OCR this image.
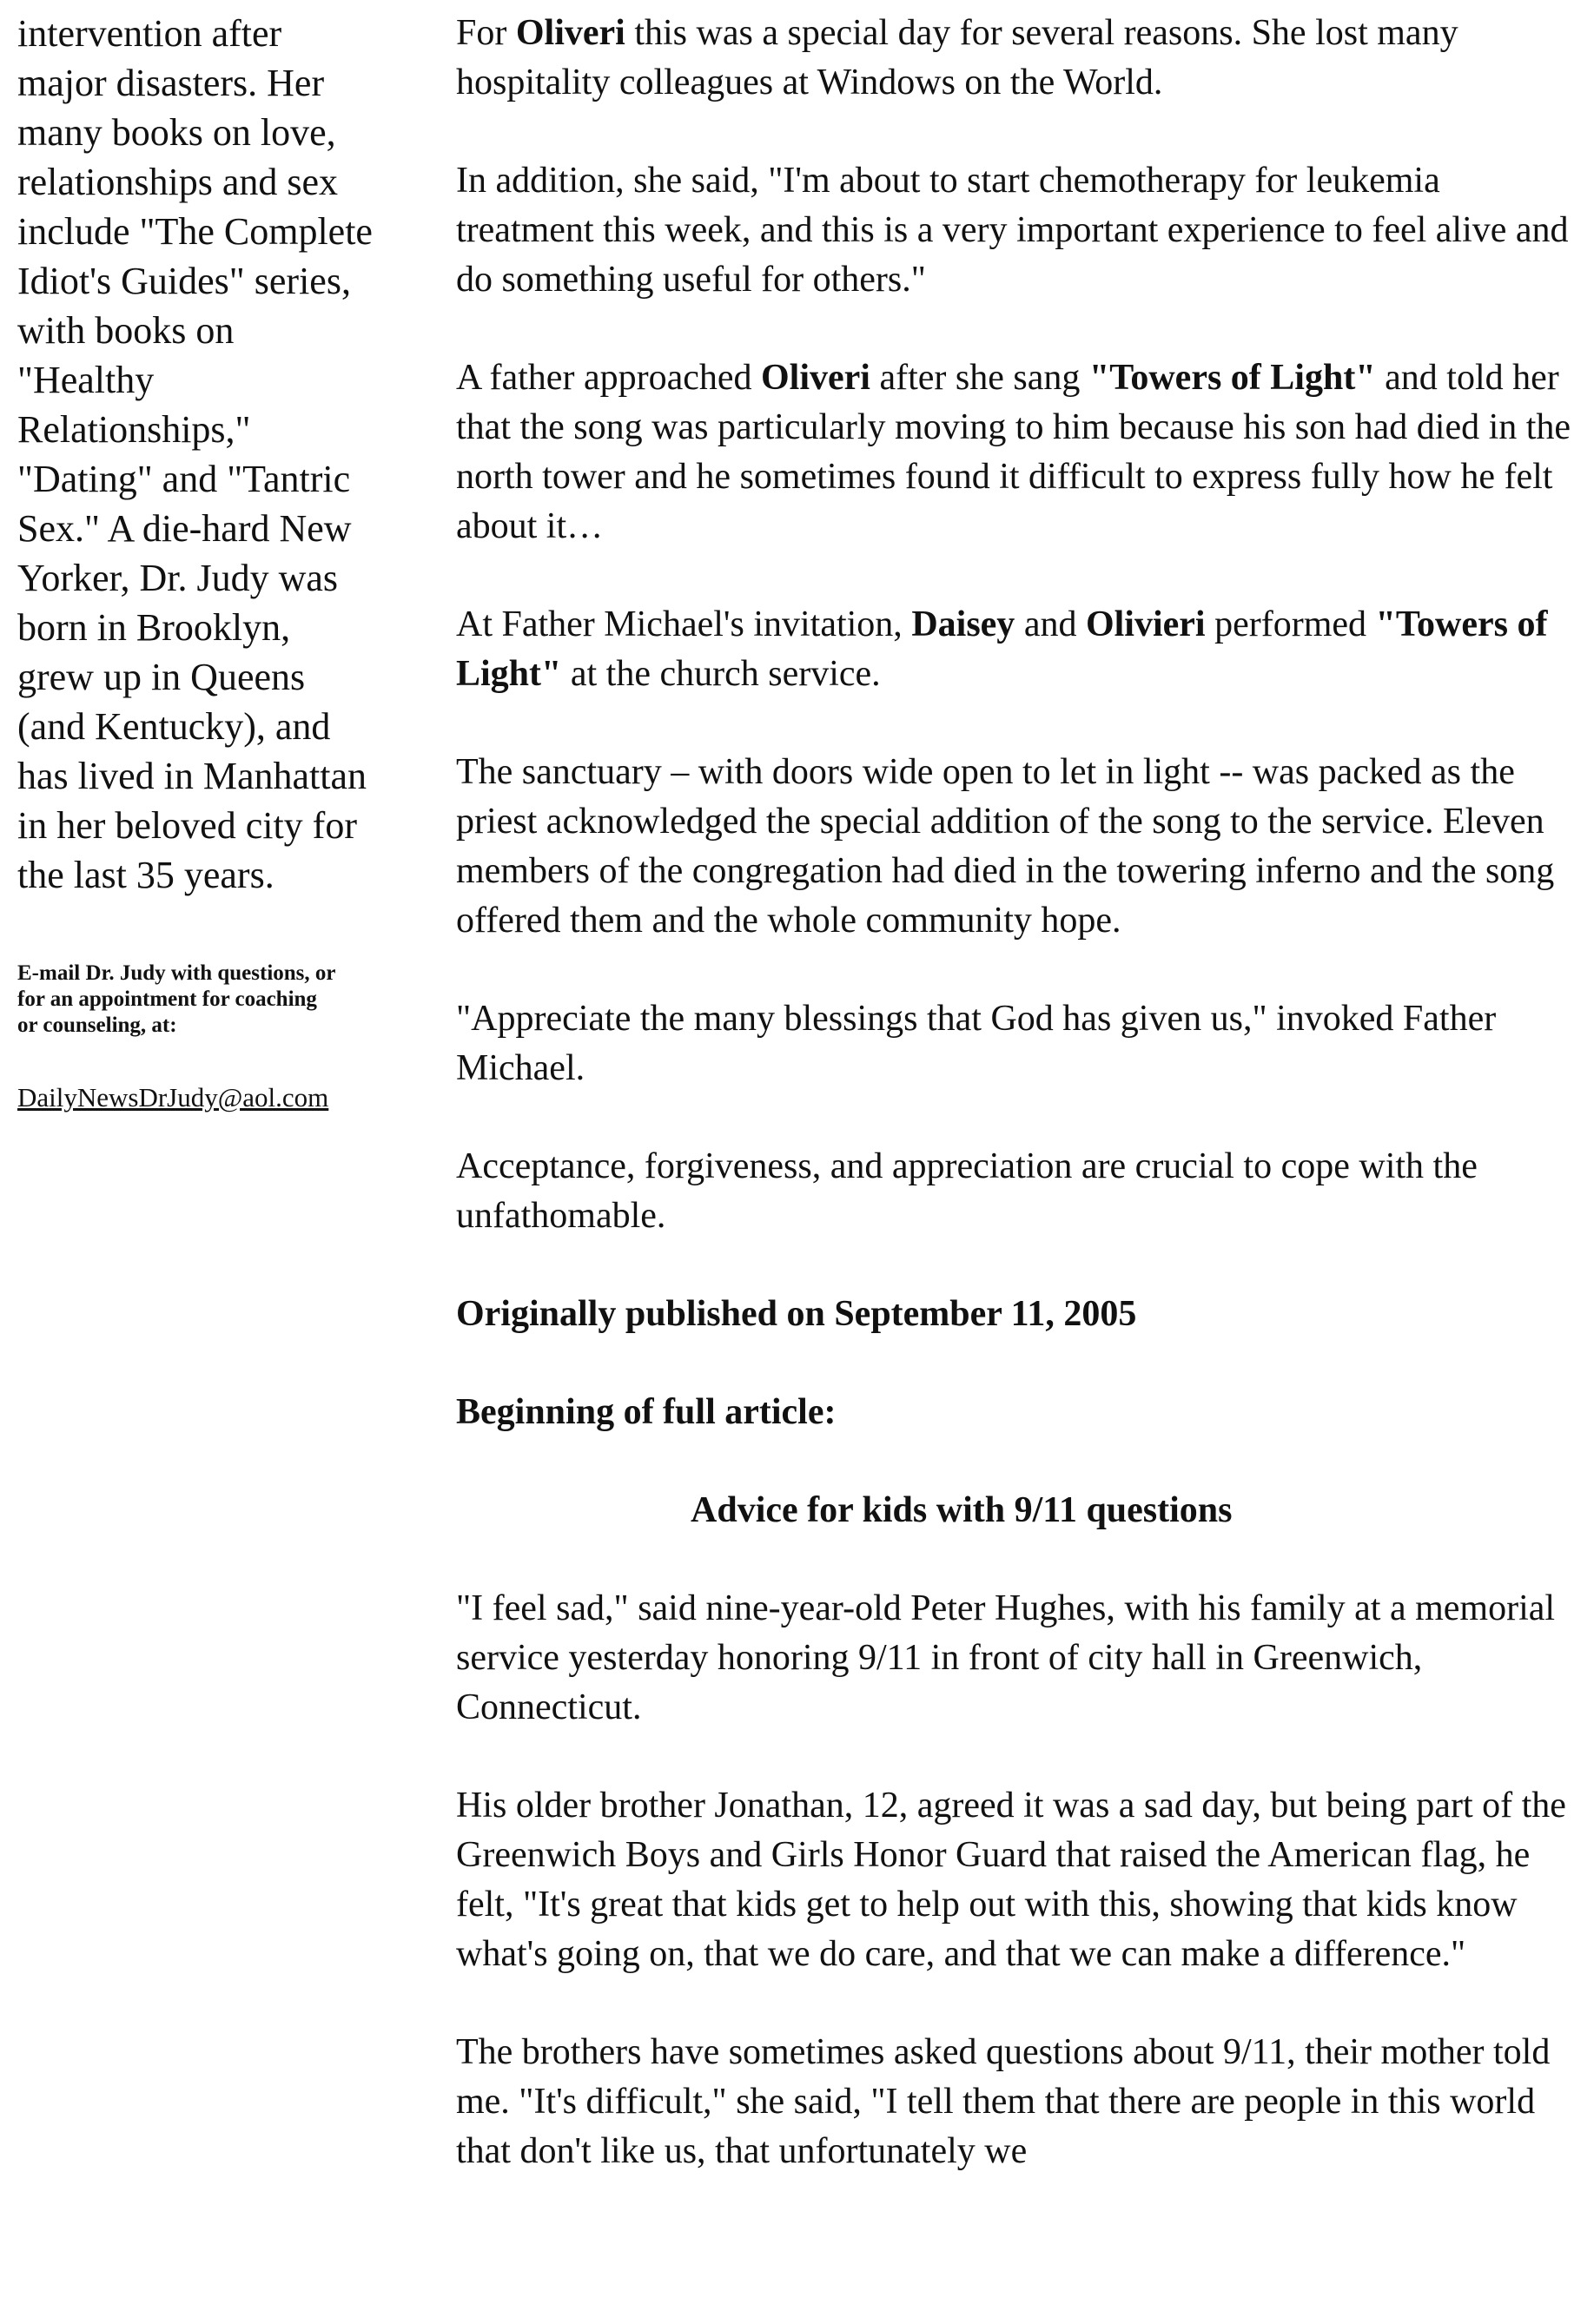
intervention after
major disasters. Her
many books on love,
relationships and sex
include "The Complete
Idiot's Guides" series,
with books on
"Healthy
Relationships,"
"Dating" and "Tantric
Sex." A die-hard New
Yorker, Dr. Judy was
born in Brooklyn,
grew up in Queens
(and Kentucky), and
has lived in Manhattan
in her beloved city for
the last 35 years.

E-mail Dr. Judy with questions, or
for an appointment for coaching
or counseling, at:

DailyNewsDrJudy@aol.com

For Oliveri this was a special day for several reasons. She lost many hospitality colleagues at Windows on the World.

In addition, she said, "I'm about to start chemotherapy for leukemia treatment this week, and this is a very important experience to feel alive and do something useful for others."

A father approached Oliveri after she sang "Towers of Light" and told her that the song was particularly moving to him because his son had died in the north tower and he sometimes found it difficult to express fully how he felt about it…

At Father Michael's invitation, Daisey and Olivieri performed "Towers of Light" at the church service.

The sanctuary – with doors wide open to let in light -- was packed as the priest acknowledged the special addition of the song to the service. Eleven members of the congregation had died in the towering inferno and the song offered them and the whole community hope.

"Appreciate the many blessings that God has given us," invoked Father Michael.

Acceptance, forgiveness, and appreciation are crucial to cope with the unfathomable.

Originally published on September 11, 2005

Beginning of full article:

Advice for kids with 9/11 questions

"I feel sad," said nine-year-old Peter Hughes, with his family at a memorial service yesterday honoring 9/11 in front of city hall in Greenwich, Connecticut.

His older brother Jonathan, 12, agreed it was a sad day, but being part of the Greenwich Boys and Girls Honor Guard that raised the American flag, he felt, "It's great that kids get to help out with this, showing that kids know what's going on, that we do care, and that we can make a difference."

The brothers have sometimes asked questions about 9/11, their mother told me. "It's difficult," she said, "I tell them that there are people in this world that don't like us, that unfortunately we
